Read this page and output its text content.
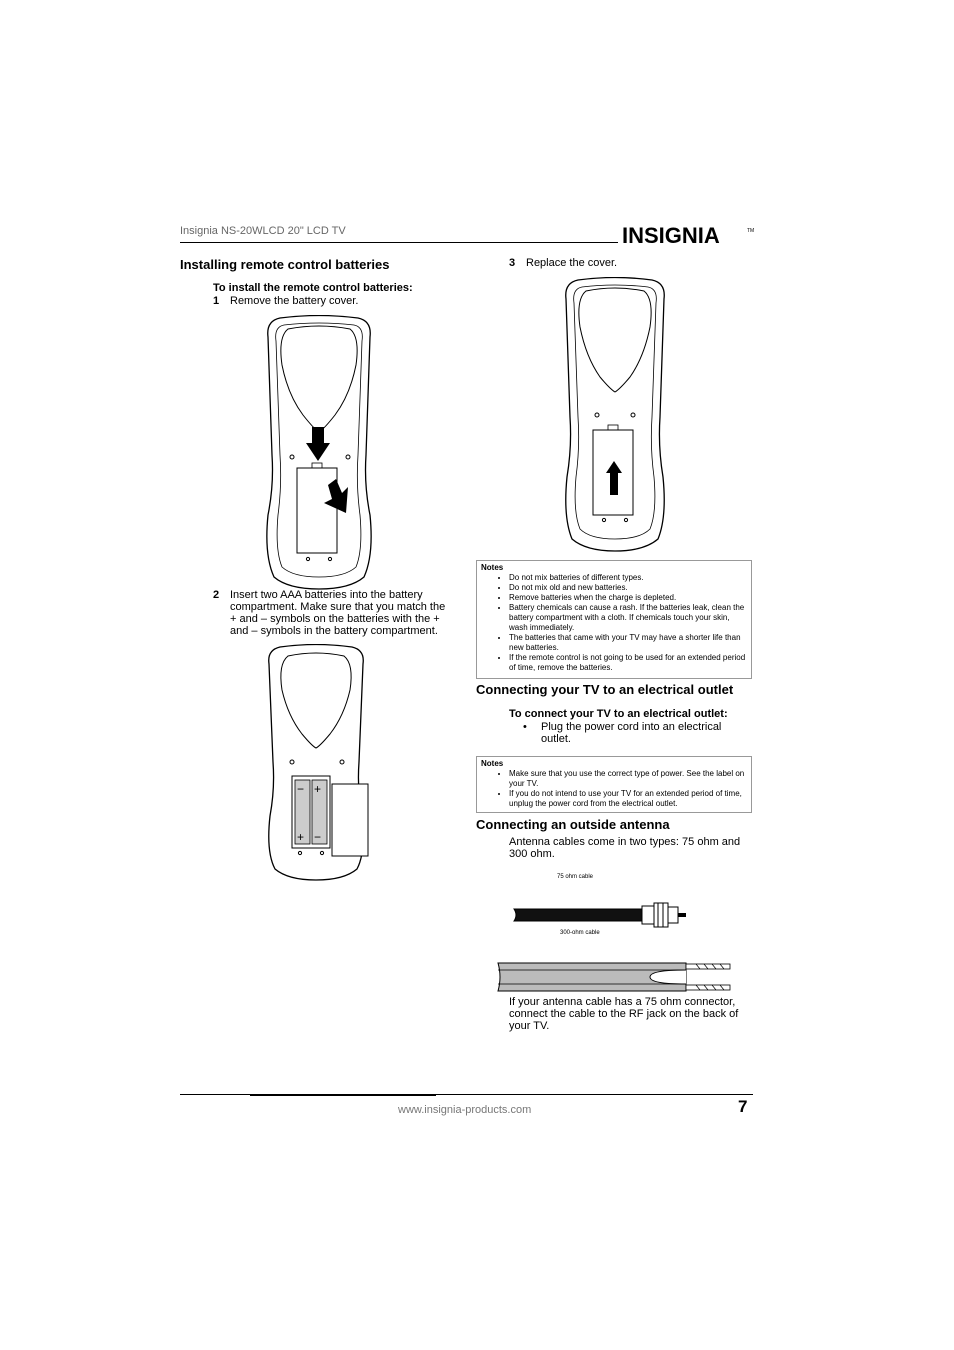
Insignia NS-20WLCD 20" LCD TV	INSIGNIA	TM
Installing remote control batteries
To install the remote control batteries:
1 Remove the battery cover.
2 Insert two AAA batteries into the battery
compartment. Make sure that you match the
+ and – symbols on the batteries with the +
and – symbols in the battery compartment.
− +
+ −
3 Replace the cover.
Notes
• Do not mix batteries of different types.
• Do not mix old and new batteries.
• Remove batteries when the charge is depleted.
• Battery chemicals can cause a rash. If the batteries leak, clean the battery compartment with a cloth. If chemicals touch your skin, wash immediately.
• The batteries that came with your TV may have a shorter life than new batteries.
• If the remote control is not going to be used for an extended period of time, remove the batteries.
Connecting your TV to an electrical outlet
To connect your TV to an electrical outlet:
• Plug the power cord into an electrical
outlet.
Notes
• Make sure that you use the correct type of power. See the label on your TV.
• If you do not intend to use your TV for an extended period of time, unplug the power cord from the electrical outlet.
Connecting an outside antenna
Antenna cables come in two types: 75 ohm and
300 ohm.
75 ohm cable
300-ohm cable
If your antenna cable has a 75 ohm connector,
connect the cable to the RF jack on the back of
your TV.
www.insignia-products.com	7
